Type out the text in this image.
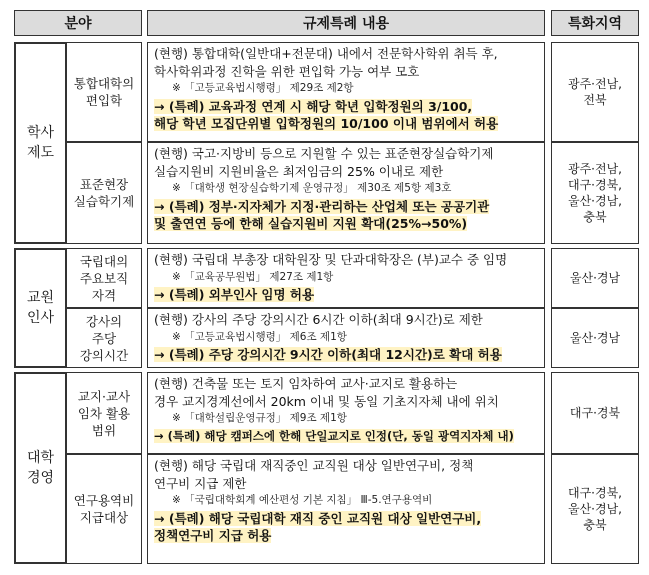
분야	규제특례 내용	특화지역
학사
제도
통합대학의
편입학
(현행) 통합대학(일반대+전문대) 내에서 전문학사학위 취득 후,
학사학위과정 진학을 위한 편입학 가능 여부 모호
※ 「고등교육법시행령」 제29조 제2항
→ (특례) 교육과정 연계 시 해당 학년 입학정원의 3/100,
해당 학년 모집단위별 입학정원의 10/100 이내 범위에서 허용
광주·전남,
전북
표준현장
실습학기제
(현행) 국고·지방비 등으로 지원할 수 있는 표준현장실습학기제
실습지원비 지원비율은 최저임금의 25% 이내로 제한
※ 「대학생 현장실습학기제 운영규정」 제30조 제5항 제3호
→ (특례) 정부·지자체가 지정·관리하는 산업체 또는 공공기관
및 출연연 등에 한해 실습지원비 지원 확대(25%→50%)
광주·전남,
대구·경북,
울산·경남,
충북
교원
인사
국립대의
주요보직
자격
(현행) 국립대 부총장 대학원장 및 단과대학장은 (부)교수 중 임명
※ 「교육공무원법」 제27조 제1항
→ (특례) 외부인사 임명 허용
울산·경남
강사의
주당
강의시간
(현행) 강사의 주당 강의시간 6시간 이하(최대 9시간)로 제한
※ 「고등교육법시행령」 제6조 제1항
→ (특례) 주당 강의시간 9시간 이하(최대 12시간)로 확대 허용
울산·경남
대학
경영
교지·교사
임차 활용
범위
(현행) 건축물 또는 토지 임차하여 교사·교지로 활용하는
경우 교지경계선에서 20km 이내 및 동일 기초지자체 내에 위치
※ 「대학설립운영규정」 제9조 제1항
→ (특례) 해당 캠퍼스에 한해 단일교지로 인정(단, 동일 광역지자체 내)
대구·경북
연구용역비
지급대상
(현행) 해당 국립대 재직중인 교직원 대상 일반연구비, 정책
연구비 지급 제한
※ 「국립대학회계 예산편성 기본 지침」 Ⅲ-5.연구용역비
→ (특례) 해당 국립대학 재직 중인 교직원 대상 일반연구비,
정책연구비 지급 허용
대구·경북,
울산·경남,
충북
